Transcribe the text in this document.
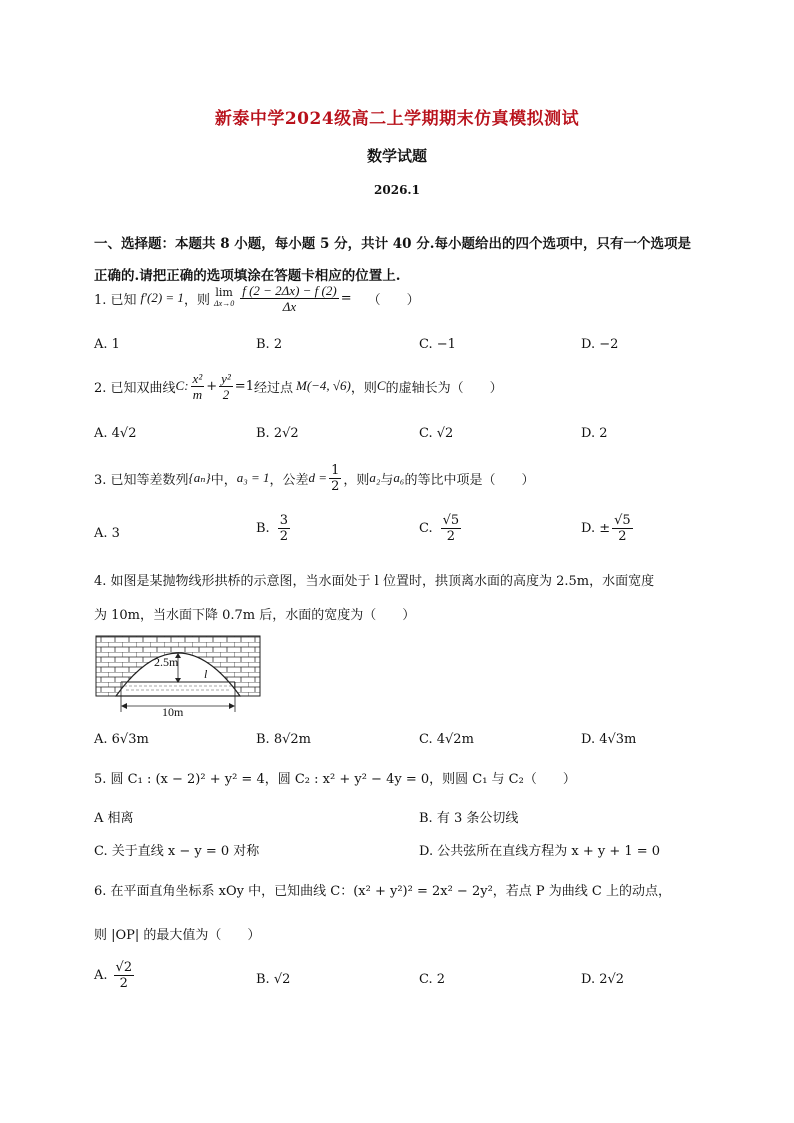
新泰中学2024级高二上学期期末仿真模拟测试
数学试题
2026.1
一、选择题：本题共 8 小题，每小题 5 分，共计 40 分.每小题给出的四个选项中，只有一个选项是
正确的.请把正确的选项填涂在答题卡相应的位置上.
1. 已知 f′(2) = 1 ，则 lim
$\Delta x\to 0 \frac{f (2 - 2\Delta x) - f (2)}{\Delta x}$ = （　　）
A. 1	B. 2	C. −1	D. −2
2. 已知双曲线 C: $\frac{\text{x²}}{m} + \frac{\text{y²}}{2} =1$ 经过点 M(−4, √6) ，则 C 的虚轴长为（　　）
A. 4√2	B. 2√2	C. √2	D. 2
3. 已知等差数列 {aₙ} 中， a₃ = 1 ，公差 $d = \frac{1}{2}$ ，则 a₂ 与 a₆ 的等比中项是（　　）
A. 3	B. $\frac{3}{2}$	C. $\frac{√5}{2}$	D. ± $\frac{√5}{2}$
4. 如图是某抛物线形拱桥的示意图，当水面处于 l 位置时，拱顶离水面的高度为 2.5m，水面宽度
为 10m，当水面下降 0.7m 后，水面的宽度为（　　）
2.5m
l
10m
A. 6√3m	B. 8√2m	C. 4√2m	D. 4√3m
5. 圆 C₁ : (x − 2)² + y² = 4，圆 C₂ : x² + y² − 4y = 0，则圆 C₁ 与 C₂（　　）
A 相离	B. 有 3 条公切线
C. 关于直线 x − y = 0 对称	D. 公共弦所在直线方程为 x + y + 1 = 0
6. 在平面直角坐标系 xOy 中，已知曲线 C：(x² + y²)² = 2x² − 2y²，若点 P 为曲线 C 上的动点，
则 |OP| 的最大值为（　　）
A. $\frac{√2}{2}$	B. √2	C. 2	D. 2√2
